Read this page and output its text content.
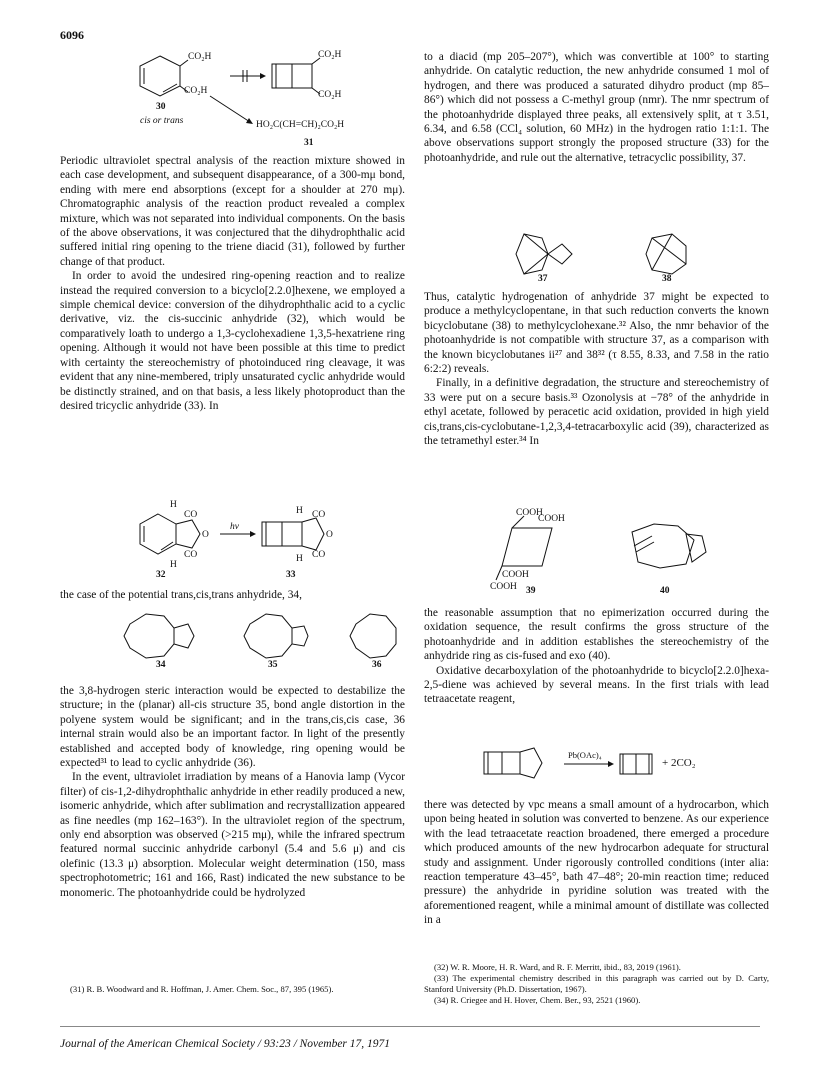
6096
CO₂H
CO₂H
CO₂H
CO₂H
30
cis or trans	HO₂C(CH=CH)₂CO₂H
31

Periodic ultraviolet spectral analysis of the reaction mixture showed in each case development, and subsequent disappearance, of a 300-mμ bond, ending with mere end absorptions (except for a shoulder at 270 mμ). Chromatographic analysis of the reaction product revealed a complex mixture, which was not separated into individual components. On the basis of the above observations, it was conjectured that the dihydrophthalic acid suffered initial ring opening to the triene diacid (31), followed by further change of that product.

In order to avoid the undesired ring-opening reaction and to realize instead the required conversion to a bicyclo[2.2.0]hexene, we employed a simple chemical device: conversion of the dihydrophthalic acid to a cyclic derivative, viz. the cis-succinic anhydride (32), which would be comparatively loath to undergo a 1,3-cyclohexadiene 1,3,5-hexatriene ring opening. Although it would not have been possible at this time to predict with certainty the stereochemistry of photoinduced ring cleavage, it was evident that any nine-membered, triply unsaturated cyclic anhydride would be distinctly strained, and on that basis, a less likely photoproduct than the desired tricyclic anhydride (33). In

H
CO
O
CO
H
hν
H CO
O
CO
H
32	33

the case of the potential trans,cis,trans anhydride, 34,

34	35	36

the 3,8-hydrogen steric interaction would be expected to destabilize the structure; in the (planar) all-cis structure 35, bond angle distortion in the polyene system would be significant; and in the trans,cis,cis case, 36 internal strain would also be an important factor. In light of the presently established and accepted body of knowledge, ring opening would be expected³¹ to lead to cyclic anhydride (36).

In the event, ultraviolet irradiation by means of a Hanovia lamp (Vycor filter) of cis-1,2-dihydrophthalic anhydride in ether readily produced a new, isomeric anhydride, which after sublimation and recrystallization appeared as fine needles (mp 162–163°). In the ultraviolet region of the spectrum, only end absorption was observed (>215 mμ), while the infrared spectrum featured normal succinic anhydride carbonyl (5.4 and 5.6 μ) and cis olefinic (13.3 μ) absorption. Molecular weight determination (150, mass spectrophotometric; 161 and 166, Rast) indicated the new substance to be monomeric. The photoanhydride could be hydrolyzed

(31) R. B. Woodward and R. Hoffman, J. Amer. Chem. Soc., 87, 395 (1965).

to a diacid (mp 205–207°), which was convertible at 100° to starting anhydride. On catalytic reduction, the new anhydride consumed 1 mol of hydrogen, and there was produced a saturated dihydro product (mp 85–86°) which did not possess a C-methyl group (nmr). The nmr spectrum of the photoanhydride displayed three peaks, all extensively split, at τ 3.51, 6.34, and 6.58 (CCl₄ solution, 60 MHz) in the hydrogen ratio 1:1:1. The above observations support strongly the proposed structure (33) for the photoanhydride, and rule out the alternative, tetracyclic possibility, 37.

37	38

Thus, catalytic hydrogenation of anhydride 37 might be expected to produce a methylcyclopentane, in that such reduction converts the known bicyclobutane (38) to methylcyclohexane.³² Also, the nmr behavior of the photoanhydride is not compatible with structure 37, as a comparison with the known bicyclobutanes ii²⁷ and 38³² (τ 8.55, 8.33, and 7.58 in the ratio 6:2:2) reveals.

Finally, in a definitive degradation, the structure and stereochemistry of 33 were put on a secure basis.³³ Ozonolysis at −78° of the anhydride in ethyl acetate, followed by peracetic acid oxidation, provided in high yield cis,trans,cis-cyclobutane-1,2,3,4-tetracarboxylic acid (39), characterized as the tetramethyl ester.³⁴ In

COOH
COOH
COOH
COOH 39	40

the reasonable assumption that no epimerization occurred during the oxidation sequence, the result confirms the gross structure of the photoanhydride and in addition establishes the stereochemistry of the anhydride ring as cis-fused and exo (40).

Oxidative decarboxylation of the photoanhydride to bicyclo[2.2.0]hexa-2,5-diene was achieved by several means. In the first trials with lead tetraacetate reagent,

Pb(OAc)₄
+ 2CO₂

there was detected by vpc means a small amount of a hydrocarbon, which upon being heated in solution was converted to benzene. As our experience with the lead tetraacetate reaction broadened, there emerged a procedure which produced amounts of the new hydrocarbon adequate for structural study and assignment. Under rigorously controlled conditions (inter alia: reaction temperature 43–45°, bath 47–48°; 20-min reaction time; reduced pressure) the anhydride in pyridine solution was treated with the aforementioned reagent, while a minimal amount of distillate was collected in a

(32) W. R. Moore, H. R. Ward, and R. F. Merritt, ibid., 83, 2019 (1961).

(33) The experimental chemistry described in this paragraph was carried out by D. Carty, Stanford University (Ph.D. Dissertation, 1967).

(34) R. Criegee and H. Hover, Chem. Ber., 93, 2521 (1960).

Journal of the American Chemical Society / 93:23 / November 17, 1971
